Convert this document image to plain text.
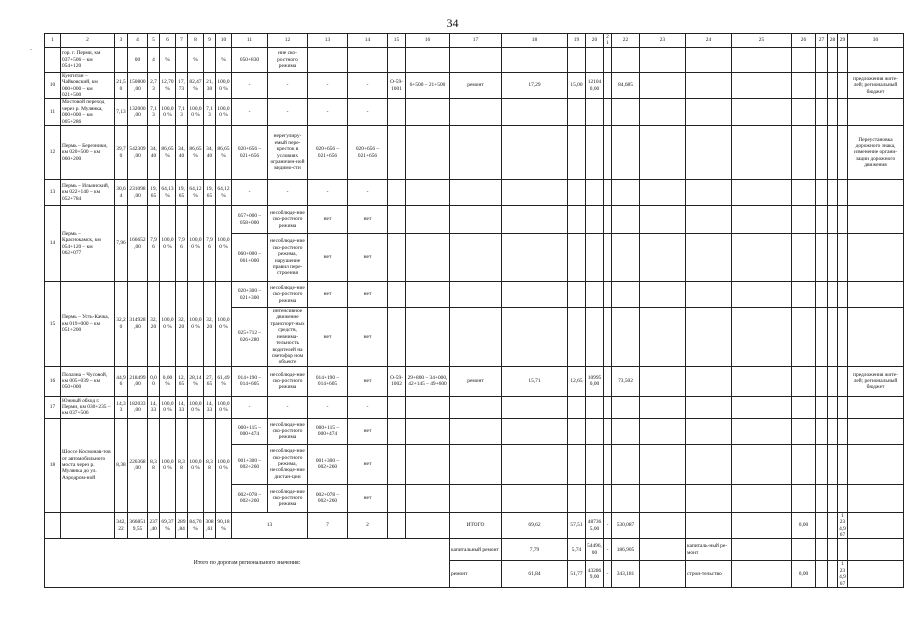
34
.
1	2	3	4	5	6	7	8	9	10	11	12	13	14	15	16	17	18	19	20	21	22	23	24	25	26	27	28	29	30
	гор. г. Перми, км 037+506 – км 054+120		00	4	%		%		%	050+830	ние ско-ростного режима																		
10	Кунгитан – Чайковский, км 000+000 – км 021+500	21,50	150800,00	2,73	12,70 %	17,73	82,47 %	21,30	100,00 %	-	-	-	-	О-59-1001	6+500 – 21+500	ремонт	17,29	15,00	121040,00		84,685								предложения жите-лей; региональный бюджет
11	Мостовой переход через р. Мулянка, 000+000 – км 005+286	7,13	132000,00	7,13	100,00 %	7,13	100,00 %	7,13	100,00 %	-	-	-	-																
12	Пермь – Березники, км 020+500 – км 060+200	39,70	542309,00	34,40	86,65 %	34,40	86,65 %	34,40	86,65 %	020+656 – 021+656	нерегулиру-емый пере-кресток в условиях ограничен-ной видимо-сти	020+656 – 021+656	020+656 – 021+656																Переустановка дорожного знака, изменение органи-зации дорожного движения
13	Пермь – Ильинский, км 022+140 – км 052+784	30,64	231098,00	19,65	64,13 %	19,65	64,12 %	19,65	64,12 %	-	-	-	-																
14	Пермь – Краснокамск, км 054+120 – км 062+077	7,96	166652,00	7,96	100,00 %	7,96	100,00 %	7,96	100,00 %	057+000 – 058+000	несоблюде-ние ско-ростного режима	нет	нет																
										060+000 – 061+000	несоблюде-ние ско-ростного режима, нарушение правил пере-строения	нет	нет																
15	Пермь – Усть-Качка, км 019+000 – км 051+200	32,20	314928,80	32,20	100,00 %	32,20	100,00 %	32,20	100,00 %	020+300 – 021+300	несоблюде-ние ско-ростного режима	нет	нет																
										025+712 – 026+280	интенсивное движение транспорт-ных средств, невнима-тельность водителей на светофор ном объекте	нет	нет																
16	Полазна – Чусовой, км 005+039 – км 050+000	44,96	218499,00	0,00	0,00 %	12,65	28,14 %	27,65	61,49 %	014+190 – 014+605	несоблюде-ние ско-ростного режима	014+190 – 014+605	нет	О-59-1002	29+800 – 34+000, 42+145 – 49+600	ремонт	15,71	12,65	109950,00		73,502								предложения жите-лей; региональный бюджет
17	Южный обход г. Перми, км 030+235 – км 037+506	14,33	182033,00	14,33	100,00 %	14,33	100,00 %	14,33	100,00 %	-	-	-	-																
18	Шоссе Космонав-тов от автомобильного моста через р. Мулянка до ул. Аэродром-ной	8,38	226368,00	8,38	100,00 %	8,38	100,00 %	8,38	100,00 %	000+115 – 000+474	несоблюде-ние ско-ростного режима	000+115 – 000+474	нет																
										001+300 – 002+260	несоблюде-ние ско-ростного режима, несоблюде-ние дистан-ции	001+300 – 002+260	нет																
										002+078 – 002+260	несоблюде-ние ско-ростного режима	002+078 – 002+260	нет																
		342,22	3668519,55	237,40	69,37 %	289,84	84,70 %	308,61	90,18 %	13		7	2			ИТОГО	69,62	57,51	487365,00	-	530,087				0,00			1 234,967	
Итого по дорогам регионального значения:																капитальный ремонт	7,79	5,74	54496,00	-	186,905		капиталь-ный ре-монт						
																ремонт	61,84	51,77	432869,00	-	343,181		строи-тельство		0,00			1 234,967	
